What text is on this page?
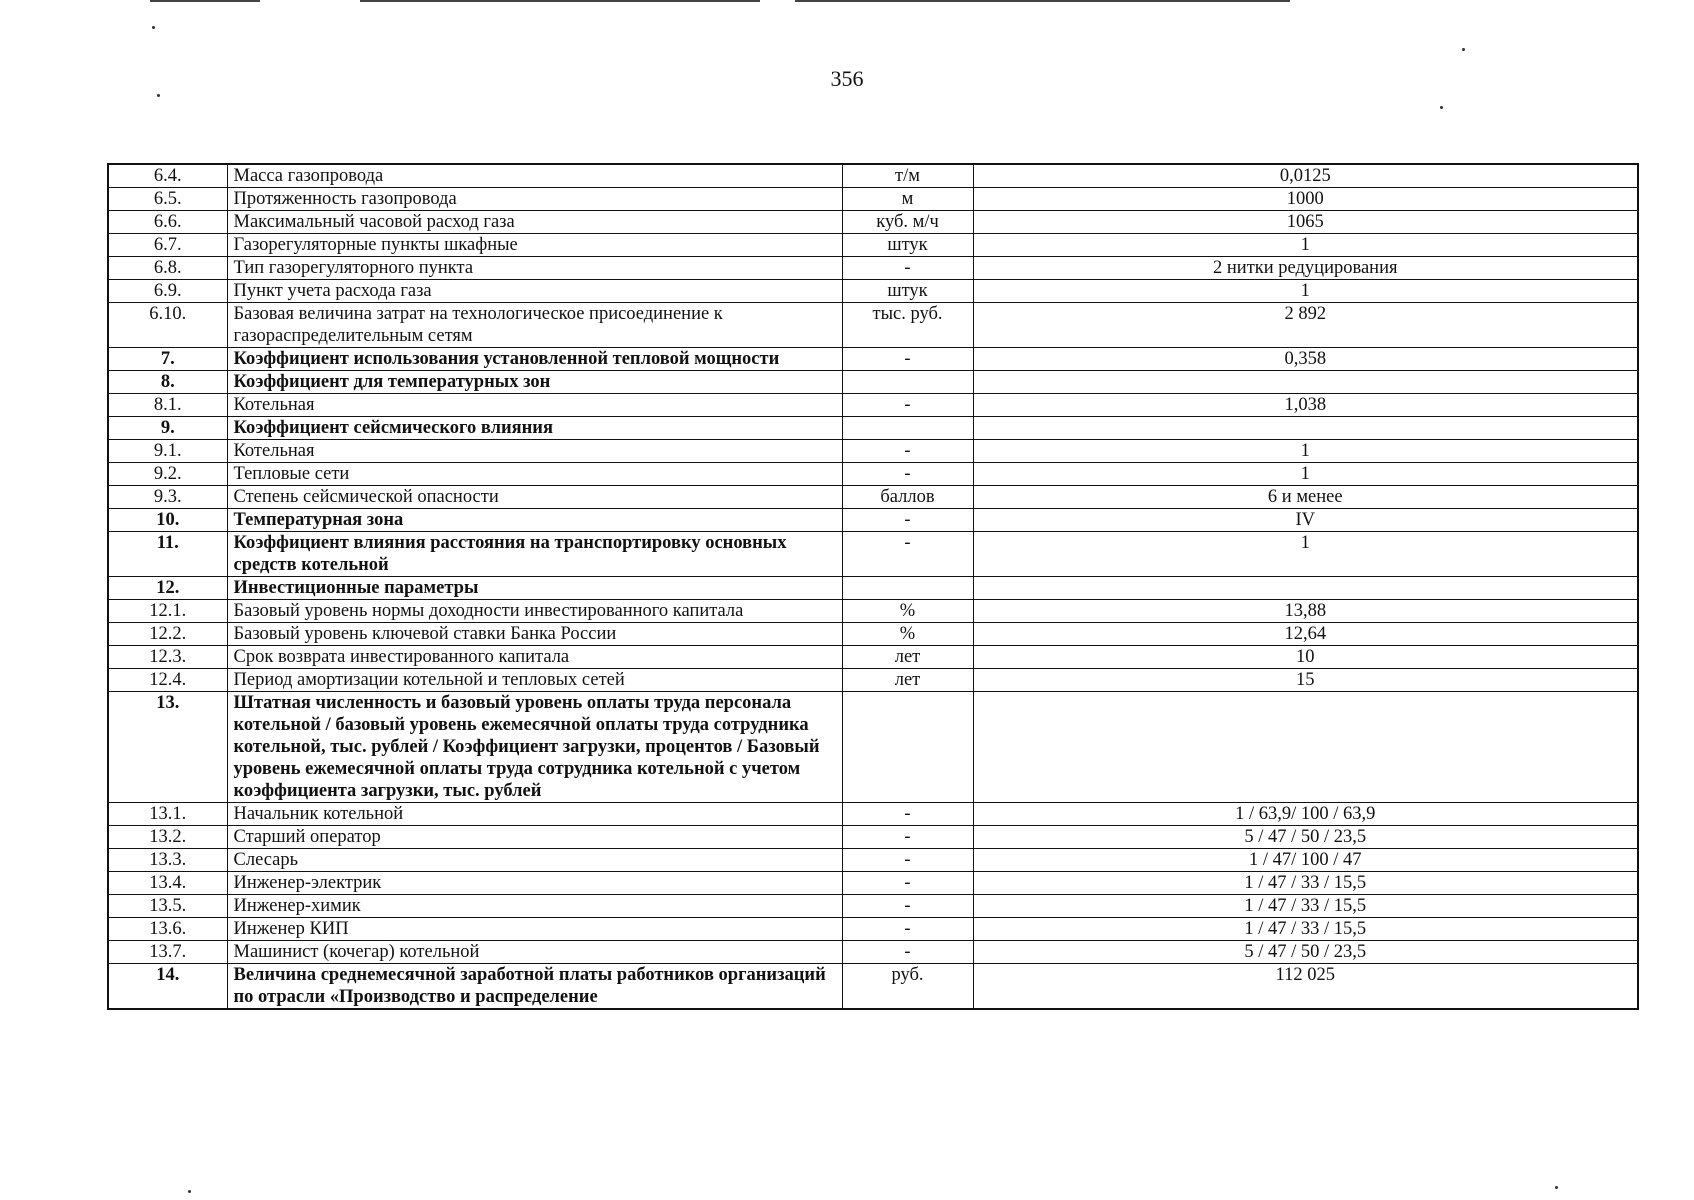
356
6.4.	Масса газопровода	т/м	0,0125
6.5.	Протяженность газопровода	м	1000
6.6.	Максимальный часовой расход газа	куб. м/ч	1065
6.7.	Газорегуляторные пункты шкафные	штук	1
6.8.	Тип газорегуляторного пункта	-	2 нитки редуцирования
6.9.	Пункт учета расхода газа	штук	1
6.10.	Базовая величина затрат на технологическое присоединение к газораспределительным сетям	тыс. руб.	2 892
7.	Коэффициент использования установленной тепловой мощности	-	0,358
8.	Коэффициент для температурных зон		
8.1.	Котельная	-	1,038
9.	Коэффициент сейсмического влияния		
9.1.	Котельная	-	1
9.2.	Тепловые сети	-	1
9.3.	Степень сейсмической опасности	баллов	6 и менее
10.	Температурная зона	-	IV
11.	Коэффициент влияния расстояния на транспортировку основных средств котельной	-	1
12.	Инвестиционные параметры		
12.1.	Базовый уровень нормы доходности инвестированного капитала	%	13,88
12.2.	Базовый уровень ключевой ставки Банка России	%	12,64
12.3.	Срок возврата инвестированного капитала	лет	10
12.4.	Период амортизации котельной и тепловых сетей	лет	15
13.	Штатная численность и базовый уровень оплаты труда персонала котельной / базовый уровень ежемесячной оплаты труда сотрудника котельной, тыс. рублей / Коэффициент загрузки, процентов / Базовый уровень ежемесячной оплаты труда сотрудника котельной с учетом коэффициента загрузки, тыс. рублей		
13.1.	Начальник котельной	-	1 / 63,9/ 100 / 63,9
13.2.	Старший оператор	-	5 / 47 / 50 / 23,5
13.3.	Слесарь	-	1 / 47/ 100 / 47
13.4.	Инженер-электрик	-	1 / 47 / 33 / 15,5
13.5.	Инженер-химик	-	1 / 47 / 33 / 15,5
13.6.	Инженер КИП	-	1 / 47 / 33 / 15,5
13.7.	Машинист (кочегар) котельной	-	5 / 47 / 50 / 23,5
14.	Величина среднемесячной заработной платы работников организаций по отрасли «Производство и распределение	руб.	112 025
